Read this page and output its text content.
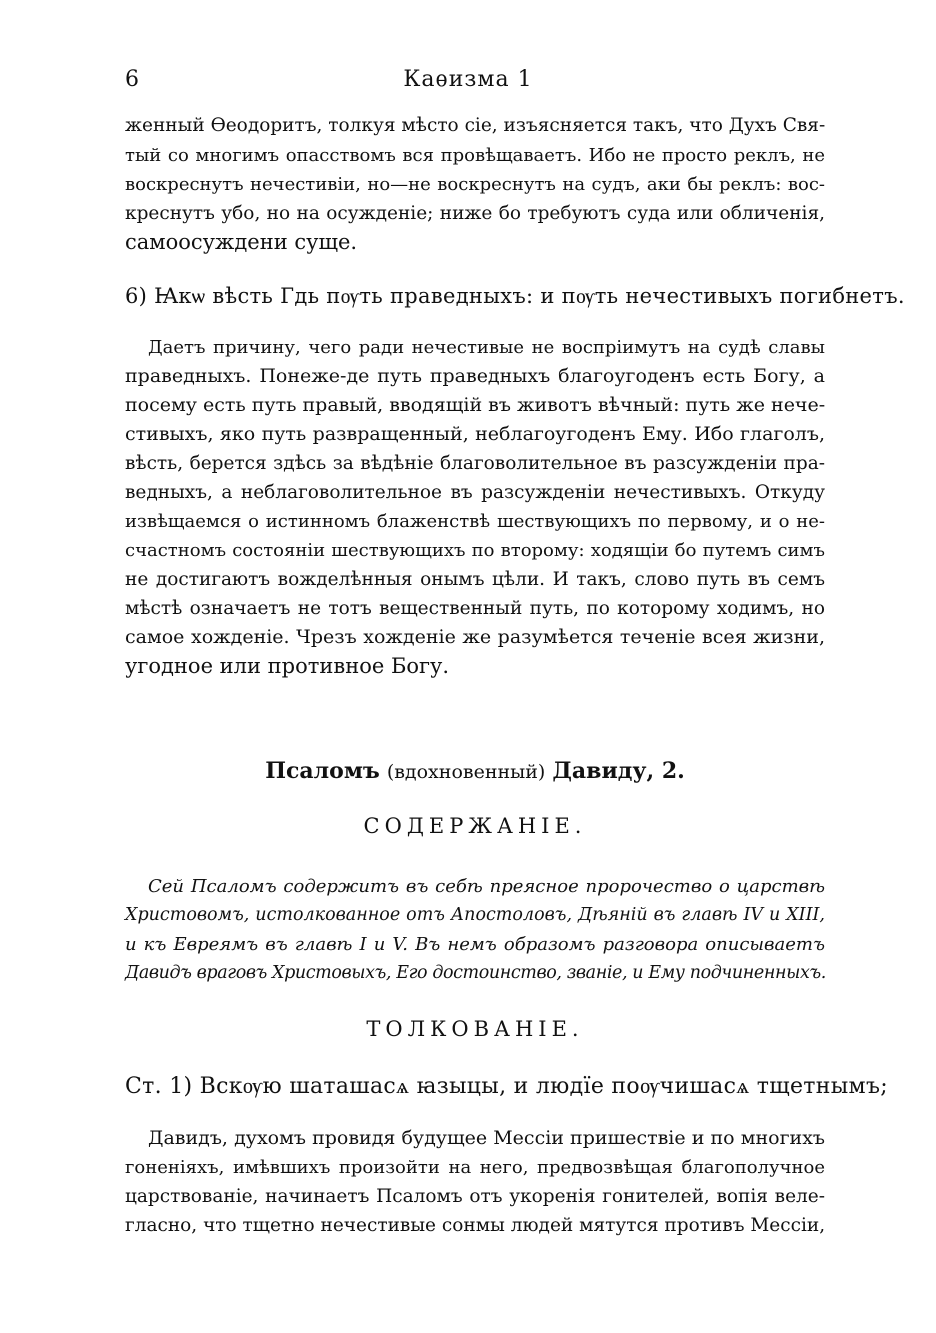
6	Каѳизма 1
женный Ѳеодоритъ, толкуя мѣсто сіе, изъясняется такъ, что Духъ Свя-
тый со многимъ опасствомъ вся провѣщаваетъ. Ибо не просто реклъ, не
воскреснутъ нечестивіи, но—не воскреснутъ на судъ, аки бы реклъ: вос-
креснутъ убо, но на осужденіе; ниже бо требуютъ суда или обличенія,
самоосуждени суще.
6) Ꙗкѡ вѣсть Гдь пѹть праведныхъ: и пѹть нечестивыхъ погибнетъ.
Даетъ причину, чего ради нечестивые не воспріимутъ на судѣ славы
праведныхъ. Понеже-де путь праведныхъ благоугоденъ есть Богу, а
посему есть путь правый, вводящій въ животъ вѣчный: путь же нече-
стивыхъ, яко путь развращенный, неблагоугоденъ Ему. Ибо глаголъ,
вѣсть, берется здѣсь за вѣдѣніе благоволительное въ разсужденіи пра-
ведныхъ, а неблаговолительное въ разсужденіи нечестивыхъ. Откуду
извѣщаемся о истинномъ блаженствѣ шествующихъ по первому, и о не-
счастномъ состояніи шествующихъ по второму: ходящіи бо путемъ симъ
не достигаютъ вожделѣнныя онымъ цѣли. И такъ, слово путь въ семъ
мѣстѣ означаетъ не тотъ вещественный путь, по которому ходимъ, но
самое хожденіе. Чрезъ хожденіе же разумѣется теченіе всея жизни,
угодное или противное Богу.
Псаломъ (вдохновенный) Давиду, 2.
СОДЕРЖАНІЕ.
Сей Псаломъ содержитъ въ себѣ преясное пророчество о царствѣ
Христовомъ, истолкованное отъ Апостоловъ, Дѣяній въ главѣ IV и XIII,
и къ Евреямъ въ главѣ I и V. Въ немъ образомъ разговора описываетъ
Давидъ враговъ Христовыхъ, Его достоинство, званіе, и Ему подчиненныхъ.
ТОЛКОВАНІЕ.
Ст. 1) Вскѹю шаташасѧ ꙗзыцы, и людїе поѹчишасѧ тщетнымъ;
Давидъ, духомъ провидя будущее Мессіи пришествіе и по многихъ
гоненіяхъ, имѣвшихъ произойти на него, предвозвѣщая благополучное
царствованіе, начинаетъ Псаломъ отъ укоренія гонителей, вопія веле-
гласно, что тщетно нечестивые сонмы людей мятутся противъ Мессіи,
